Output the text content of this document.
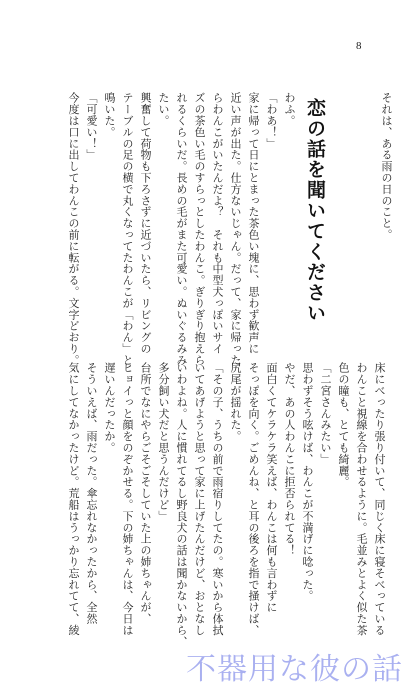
8
それは、ある雨の日のこと。
恋の話を聞いてください
わふ。
「わあ！」
家に帰って日にとまった茶色い塊に、思わず歓声に
近い声が出た。仕方ないじゃん。だって、家に帰った
らわんこがいたんだよ？　それも中型犬っぽいサイ
ズの茶色い毛のすらっとしたわんこ。ぎりぎり抱えら
れるくらいだ。長めの毛がまた可愛い。ぬいぐるみみ
たい。
興奮して荷物も下ろさずに近づいたら、リビングの
テーブルの足の横で丸くなってたわんこが「わん」と
鳴いた。
「可愛い！」
今度は口に出してわんこの前に転がる。文字どおり。
床にべったり張り付いて、同じく床に寝そべっている
わんこと視線を合わせるように。毛並みとよく似た茶
色の瞳も、とても綺麗。
「二宮さんみたい」
思わずそう呟けば、わんこが不満げに唸った。
やだ、あの人わんこに拒否られてる！
面白くてケラケラ笑えば、わんこは何も言わずに
そっぽを向く。ごめんね、と耳の後ろを指で掻けば、
尻尾が揺れた。
「その子、うちの前で雨宿りしてたの。寒いから体拭
いてあげようと思って家に上げたんだけど、おとなし
いわよね。人に慣れてるし野良犬の話は聞かないから、
多分飼い犬だと思うんだけど」
台所でなにやらごそごそしていた上の姉ちゃんが、
ヒョイっと顔をのぞかせる。下の姉ちゃんは、今日は
遅いんだったか。
そういえば、雨だった。傘忘れなかったから、全然
気にしてなかったけど。荒船はうっかり忘れてて、綾
不器用な彼の話
